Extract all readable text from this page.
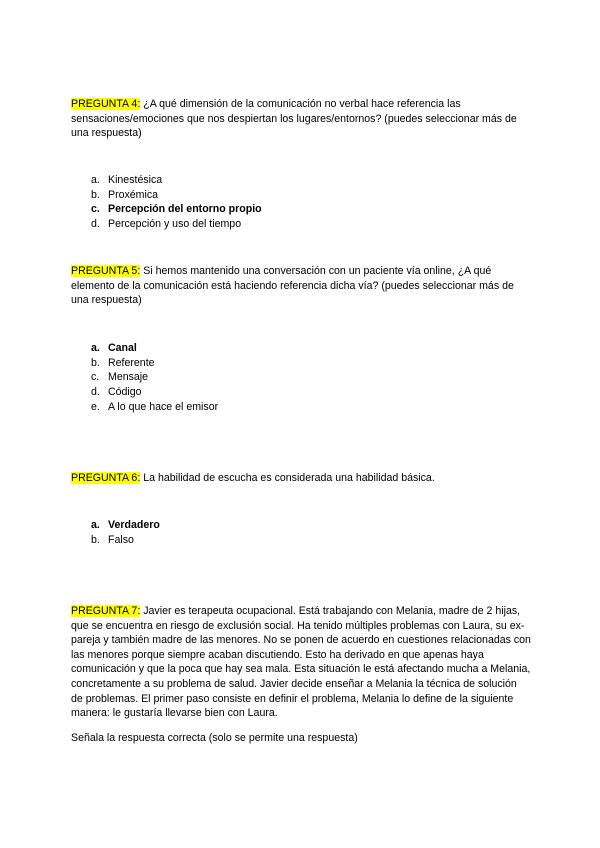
PREGUNTA 4: ¿A qué dimensión de la comunicación no verbal hace referencia las sensaciones/emociones que nos despiertan los lugares/entornos? (puedes seleccionar más de una respuesta)

a. Kinestésica
b. Proxémica
c. Percepción del entorno propio
d. Percepción y uso del tiempo

PREGUNTA 5: Si hemos mantenido una conversación con un paciente vía online, ¿A qué elemento de la comunicación está haciendo referencia dicha vía? (puedes seleccionar más de una respuesta)

a. Canal
b. Referente
c. Mensaje
d. Código
e. A lo que hace el emisor

PREGUNTA 6: La habilidad de escucha es considerada una habilidad básica.

a. Verdadero
b. Falso

PREGUNTA 7: Javier es terapeuta ocupacional. Está trabajando con Melania, madre de 2 hijas, que se encuentra en riesgo de exclusión social. Ha tenido múltiples problemas con Laura, su ex-pareja y también madre de las menores. No se ponen de acuerdo en cuestiones relacionadas con las menores porque siempre acaban discutiendo. Esto ha derivado en que apenas haya comunicación y que la poca que hay sea mala. Esta situación le está afectando mucha a Melania, concretamente a su problema de salud. Javier decide enseñar a Melania la técnica de solución de problemas. El primer paso consiste en definir el problema, Melania lo define de la siguiente manera: le gustaría llevarse bien con Laura.

Señala la respuesta correcta (solo se permite una respuesta)
